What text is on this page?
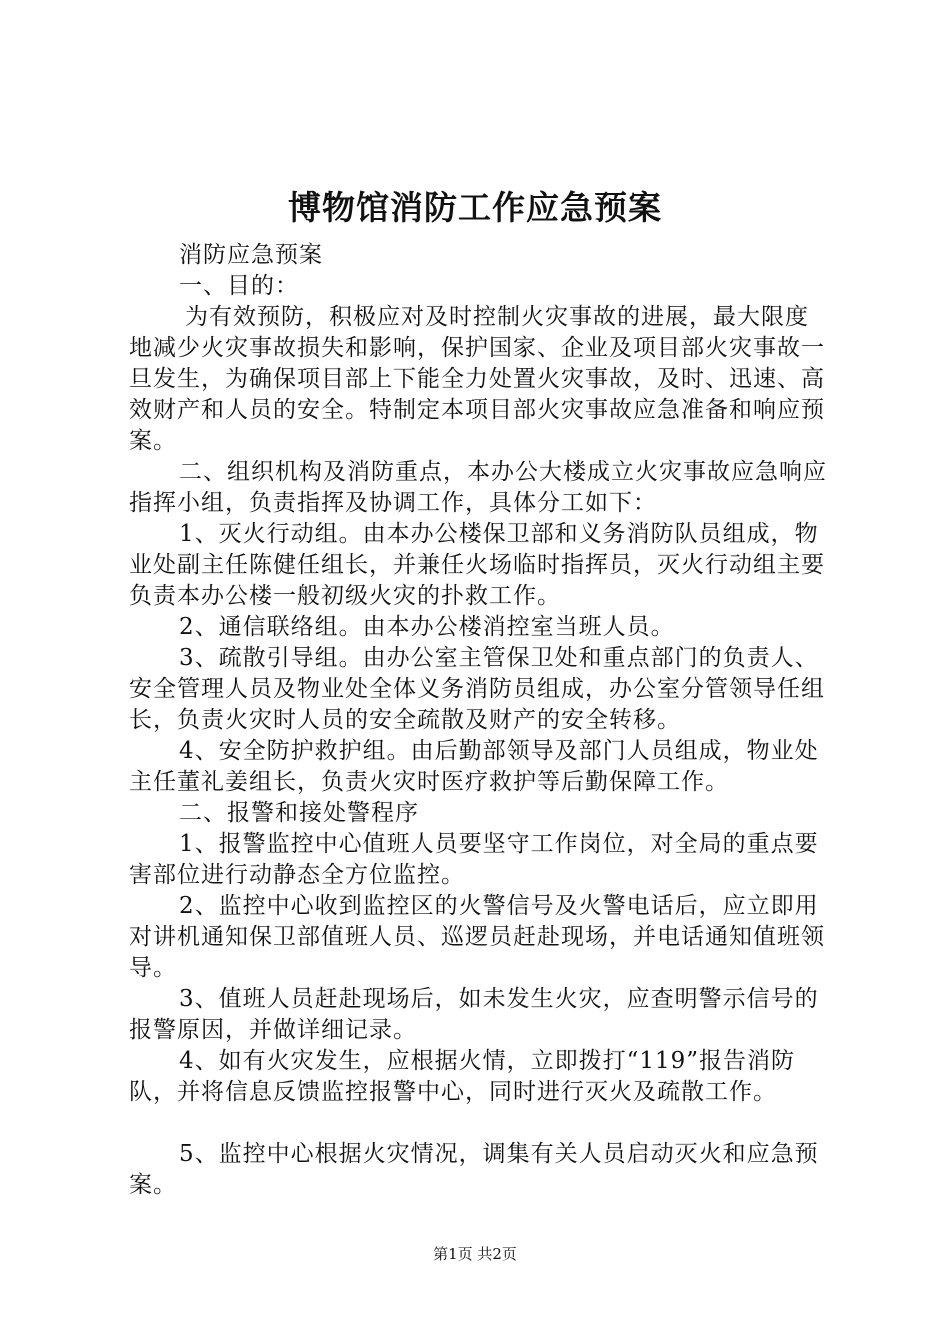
博物馆消防工作应急预案

消防应急预案

一、目的：

为有效预防，积极应对及时控制火灾事故的进展，最大限度地减少火灾事故损失和影响，保护国家、企业及项目部火灾事故一旦发生，为确保项目部上下能全力处置火灾事故，及时、迅速、高效财产和人员的安全。特制定本项目部火灾事故应急准备和响应预案。

二、组织机构及消防重点，本办公大楼成立火灾事故应急响应指挥小组，负责指挥及协调工作，具体分工如下：

1、灭火行动组。由本办公楼保卫部和义务消防队员组成，物业处副主任陈健任组长，并兼任火场临时指挥员，灭火行动组主要负责本办公楼一般初级火灾的扑救工作。

2、通信联络组。由本办公楼消控室当班人员。

3、疏散引导组。由办公室主管保卫处和重点部门的负责人、安全管理人员及物业处全体义务消防员组成，办公室分管领导任组长，负责火灾时人员的安全疏散及财产的安全转移。

4、安全防护救护组。由后勤部领导及部门人员组成，物业处主任董礼姜组长，负责火灾时医疗救护等后勤保障工作。

二、报警和接处警程序

1、报警监控中心值班人员要坚守工作岗位，对全局的重点要害部位进行动静态全方位监控。

2、监控中心收到监控区的火警信号及火警电话后，应立即用对讲机通知保卫部值班人员、巡逻员赶赴现场，并电话通知值班领导。

3、值班人员赶赴现场后，如未发生火灾，应查明警示信号的报警原因，并做详细记录。

4、如有火灾发生，应根据火情，立即拨打“119”报告消防队，并将信息反馈监控报警中心，同时进行灭火及疏散工作。

5、监控中心根据火灾情况，调集有关人员启动灭火和应急预案。

第1页 共2页
